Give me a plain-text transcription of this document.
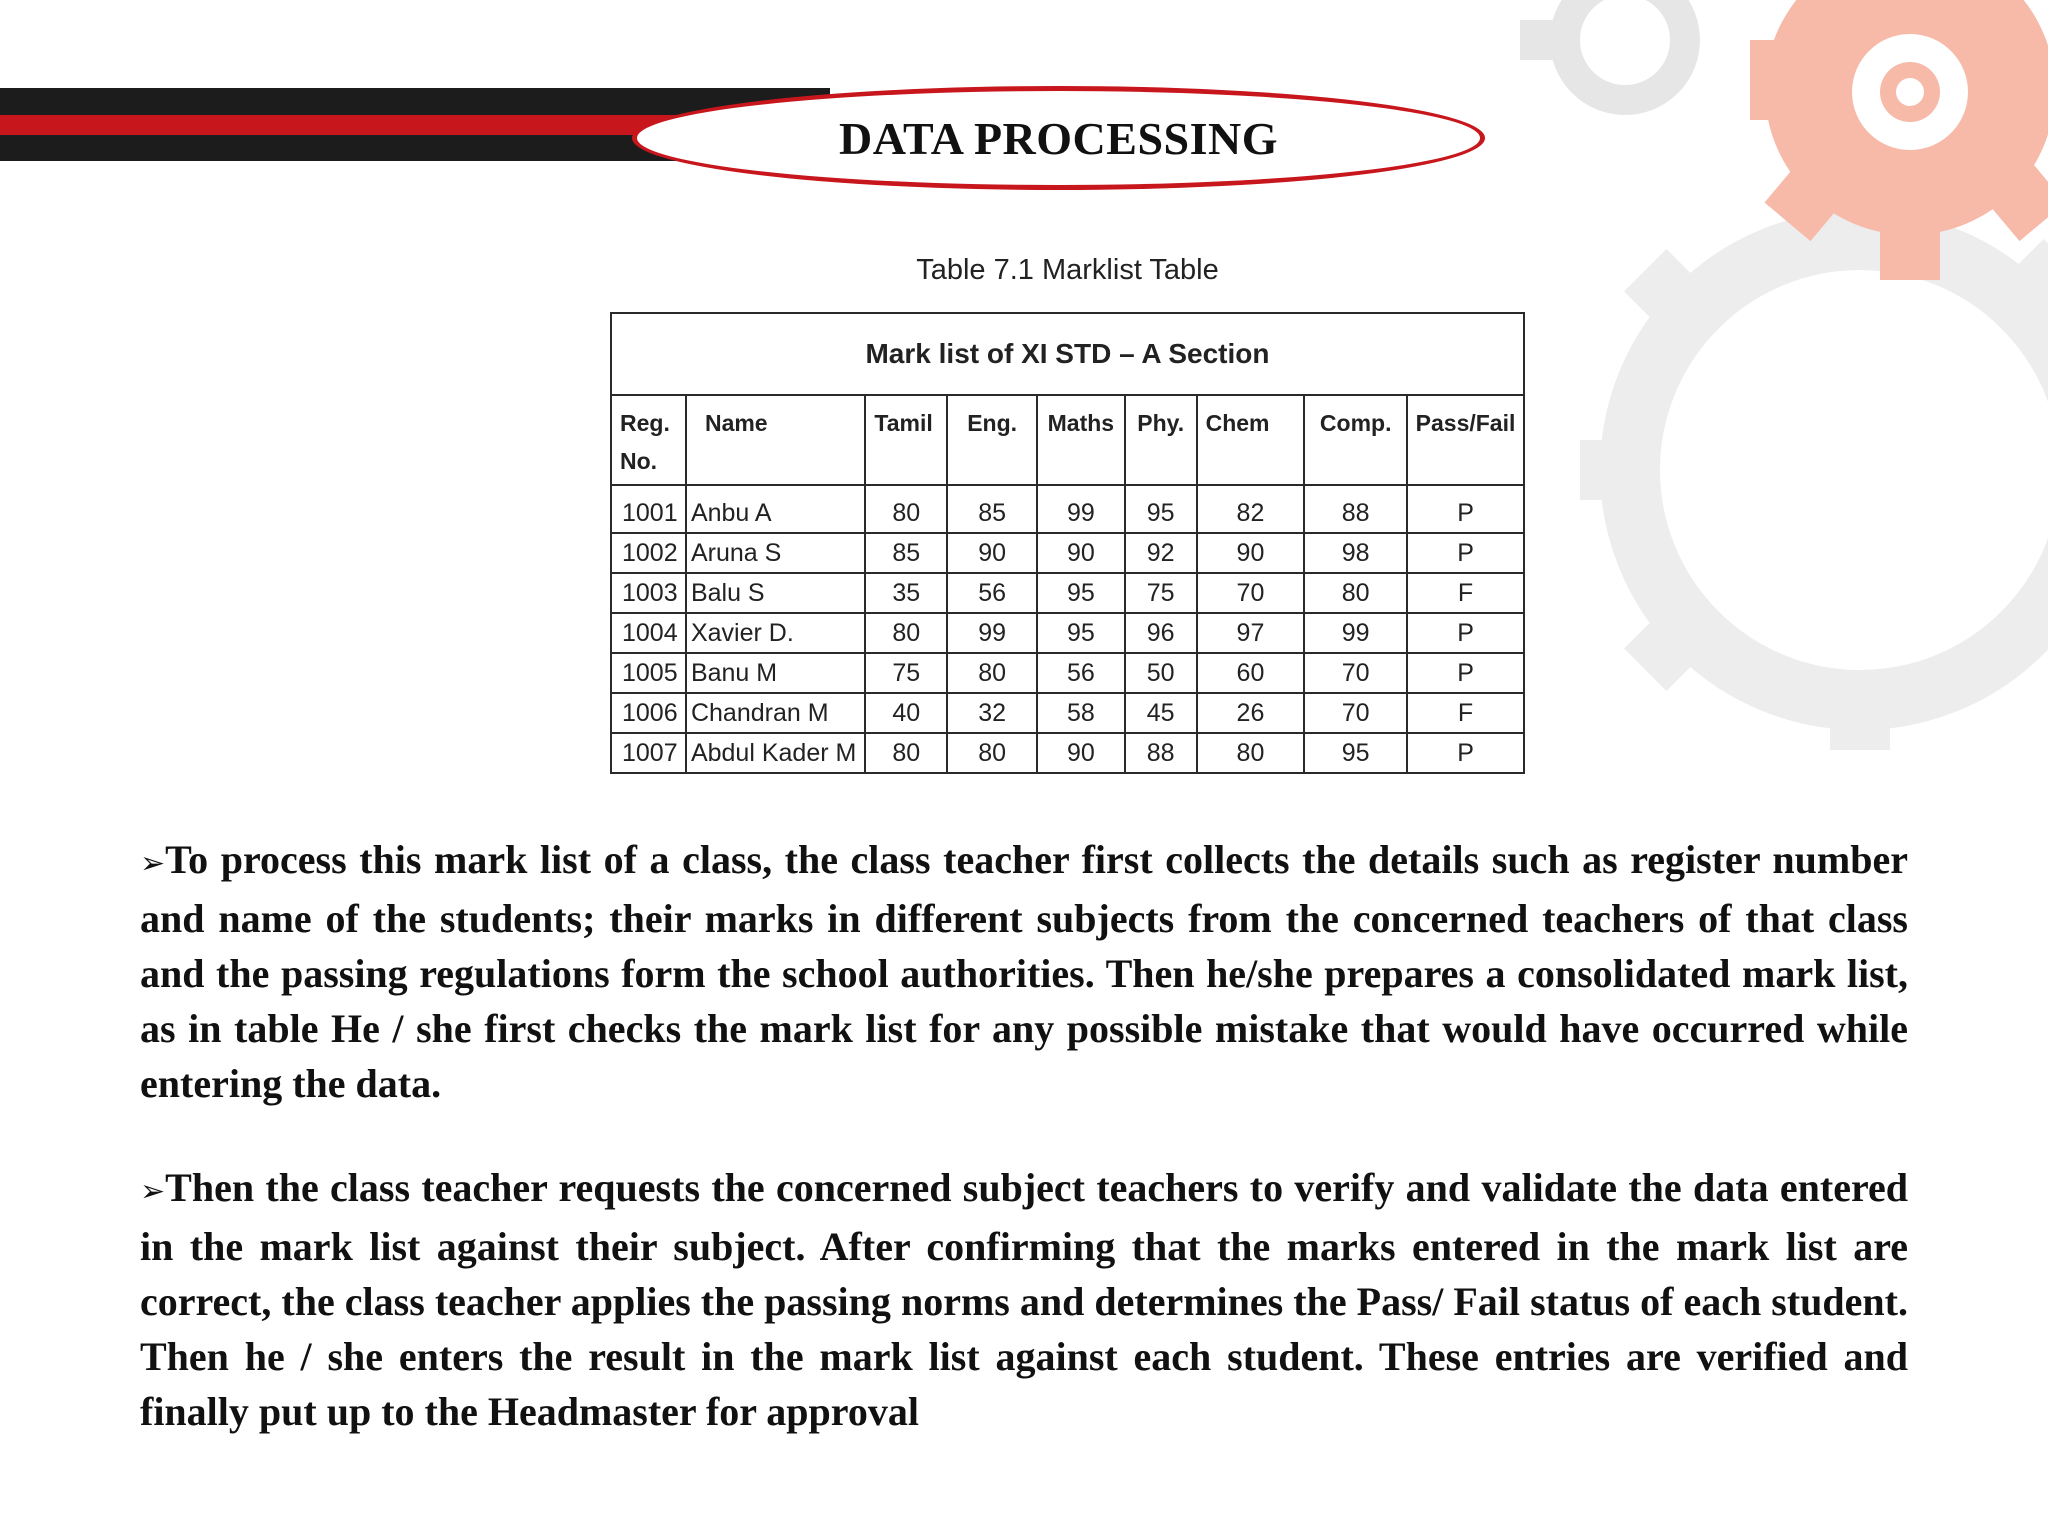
DATA PROCESSING
Table 7.1 Marklist Table
Mark list of XI STD – A Section								
Reg. No.	Name	Tamil	Eng.	Maths	Phy.	Chem	Comp.	Pass/Fail
1001	Anbu A	80	85	99	95	82	88	P
1002	Aruna S	85	90	90	92	90	98	P
1003	Balu S	35	56	95	75	70	80	F
1004	Xavier D.	80	99	95	96	97	99	P
1005	Banu M	75	80	56	50	60	70	P
1006	Chandran M	40	32	58	45	26	70	F
1007	Abdul Kader M	80	80	90	88	80	95	P

➢To process this mark list of a class, the class teacher first collects the details such as register number and name of the students; their marks in different subjects from the concerned teachers of that class and the passing regulations form the school authorities. Then he/she prepares a consolidated mark list, as in table He / she first checks the mark list for any possible mistake that would have occurred while entering the data.

➢Then the class teacher requests the concerned subject teachers to verify and validate the data entered in the mark list against their subject. After confirming that the marks entered in the mark list are correct, the class teacher applies the passing norms and determines the Pass/ Fail status of each student. Then he / she enters the result in the mark list against each student. These entries are verified and finally put up to the Headmaster for approval
